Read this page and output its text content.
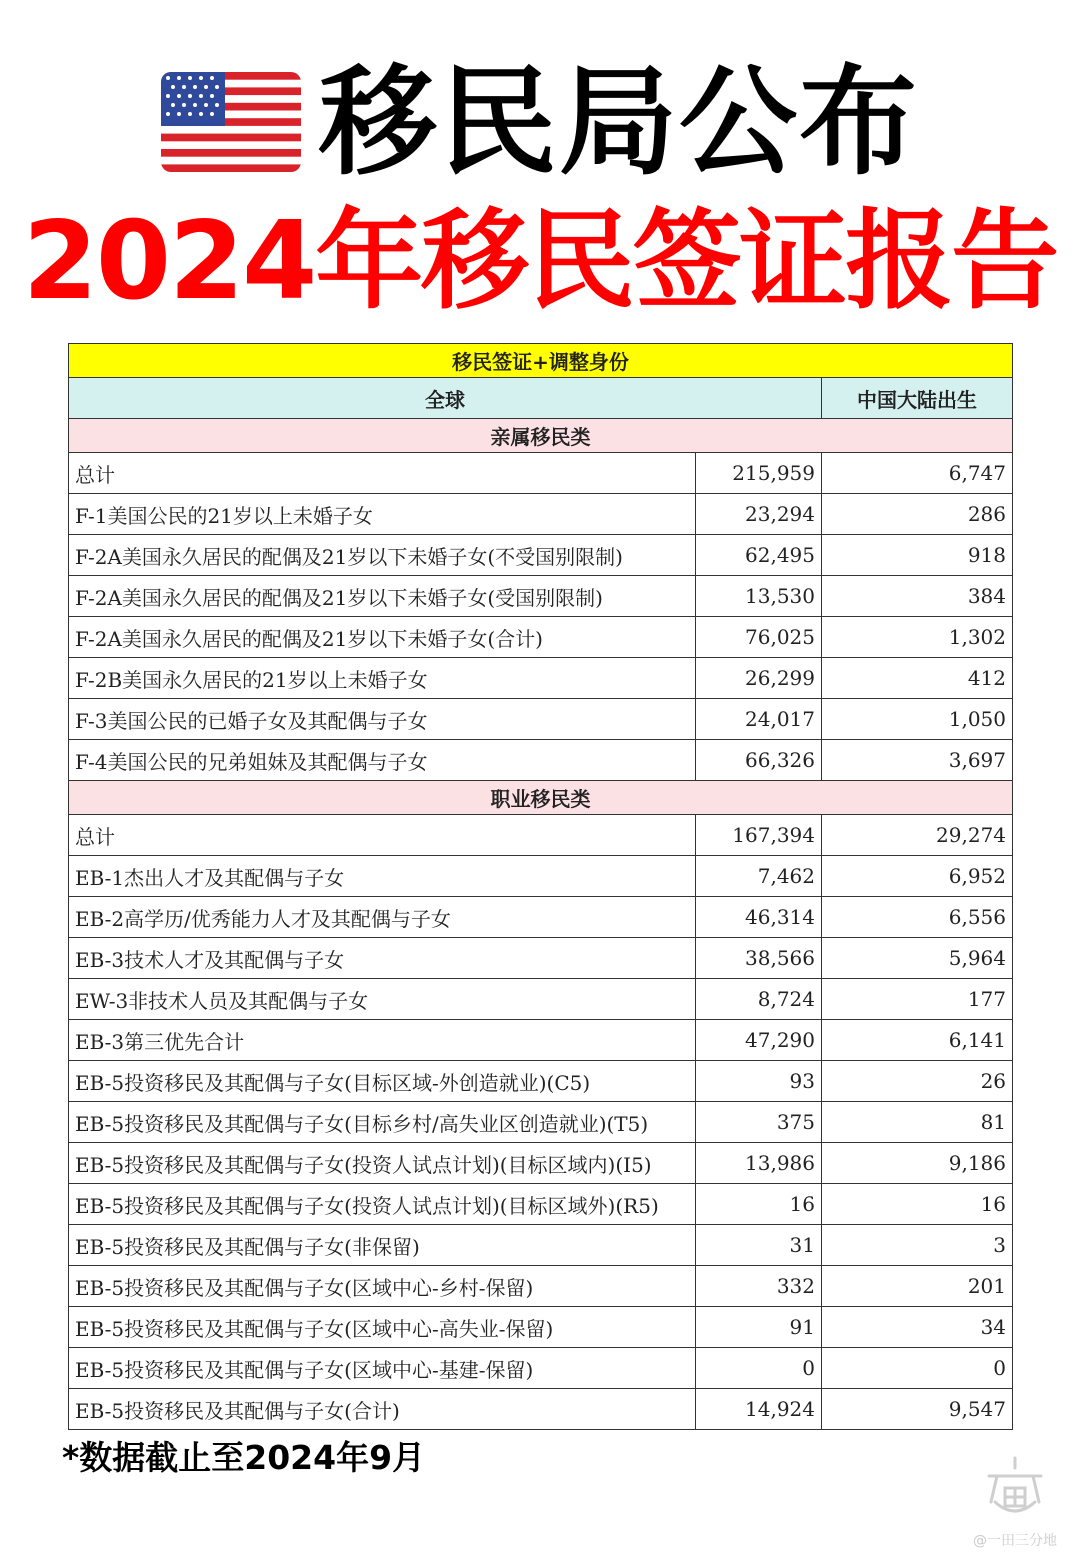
移民局公布
2024年移民签证报告
移民签证+调整身份		
全球		中国大陆出生
亲属移民类		
总计	215,959	6,747
F-1美国公民的21岁以上未婚子女	23,294	286
F-2A美国永久居民的配偶及21岁以下未婚子女(不受国别限制)	62,495	918
F-2A美国永久居民的配偶及21岁以下未婚子女(受国别限制)	13,530	384
F-2A美国永久居民的配偶及21岁以下未婚子女(合计)	76,025	1,302
F-2B美国永久居民的21岁以上未婚子女	26,299	412
F-3美国公民的已婚子女及其配偶与子女	24,017	1,050
F-4美国公民的兄弟姐妹及其配偶与子女	66,326	3,697
职业移民类		
总计	167,394	29,274
EB-1杰出人才及其配偶与子女	7,462	6,952
EB-2高学历/优秀能力人才及其配偶与子女	46,314	6,556
EB-3技术人才及其配偶与子女	38,566	5,964
EW-3非技术人员及其配偶与子女	8,724	177
EB-3第三优先合计	47,290	6,141
EB-5投资移民及其配偶与子女(目标区域-外创造就业)(C5)	93	26
EB-5投资移民及其配偶与子女(目标乡村/高失业区创造就业)(T5)	375	81
EB-5投资移民及其配偶与子女(投资人试点计划)(目标区域内)(I5)	13,986	9,186
EB-5投资移民及其配偶与子女(投资人试点计划)(目标区域外)(R5)	16	16
EB-5投资移民及其配偶与子女(非保留)	31	3
EB-5投资移民及其配偶与子女(区域中心-乡村-保留)	332	201
EB-5投资移民及其配偶与子女(区域中心-高失业-保留)	91	34
EB-5投资移民及其配偶与子女(区域中心-基建-保留)	0	0
EB-5投资移民及其配偶与子女(合计)	14,924	9,547
*数据截止至2024年9月
@一田三分地
